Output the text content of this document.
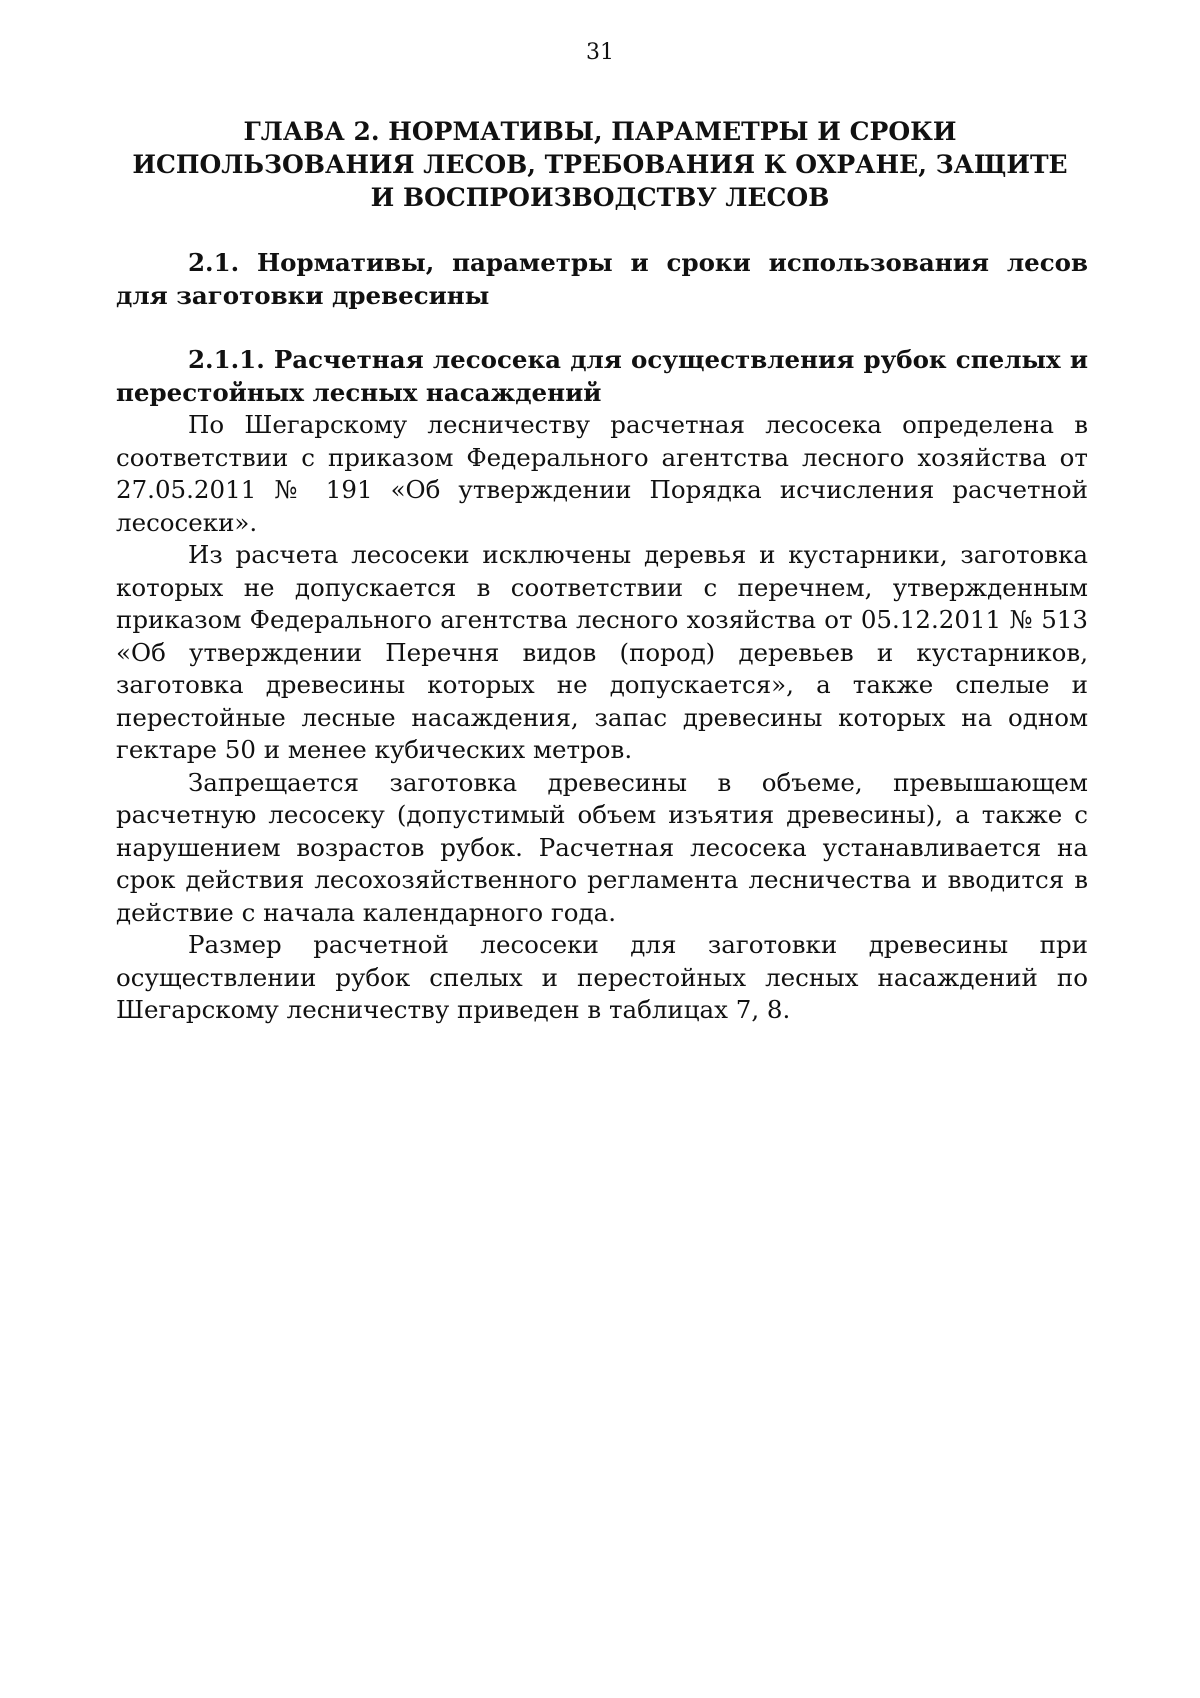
31
ГЛАВА 2. НОРМАТИВЫ, ПАРАМЕТРЫ И СРОКИ
ИСПОЛЬЗОВАНИЯ ЛЕСОВ, ТРЕБОВАНИЯ К ОХРАНЕ, ЗАЩИТЕ
И ВОСПРОИЗВОДСТВУ ЛЕСОВ

2.1. Нормативы, параметры и сроки использования лесов для заготовки древесины

2.1.1. Расчетная лесосека для осуществления рубок спелых и перестойных лесных насаждений

По Шегарскому лесничеству расчетная лесосека определена в соответствии с приказом Федерального агентства лесного хозяйства от 27.05.2011 № 191 «Об утверждении Порядка исчисления расчетной лесосеки».

Из расчета лесосеки исключены деревья и кустарники, заготовка которых не допускается в соответствии с перечнем, утвержденным приказом Федерального агентства лесного хозяйства от 05.12.2011 № 513 «Об утверждении Перечня видов (пород) деревьев и кустарников, заготовка древесины которых не допускается», а также спелые и перестойные лесные насаждения, запас древесины которых на одном гектаре 50 и менее кубических метров.

Запрещается заготовка древесины в объеме, превышающем расчетную лесосеку (допустимый объем изъятия древесины), а также с нарушением возрастов рубок. Расчетная лесосека устанавливается на срок действия лесохозяйственного регламента лесничества и вводится в действие с начала календарного года.

Размер расчетной лесосеки для заготовки древесины при осуществлении рубок спелых и перестойных лесных насаждений по Шегарскому лесничеству приведен в таблицах 7, 8.
